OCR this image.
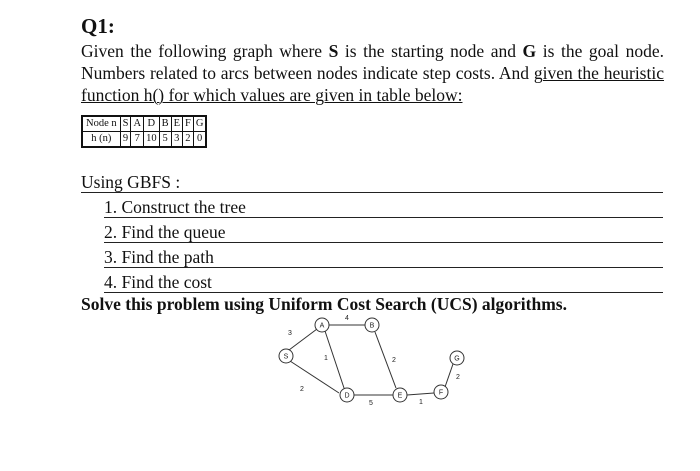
Q1:

Given the following graph where S is the starting node and G is the goal node. Numbers related to arcs between nodes indicate step costs. And given the heuristic function h() for which values are given in table below:

Node n	S	A	D	B	E	F	G
h (n)	9	7	10	5	3	2	0
Using GBFS :
1. Construct the tree
2. Find the queue
3. Find the path
4. Find the cost
Solve this problem using Uniform Cost Search (UCS) algorithms.
3
4
2
1	2
5	1
2
S
A	B
D	E	F
G
